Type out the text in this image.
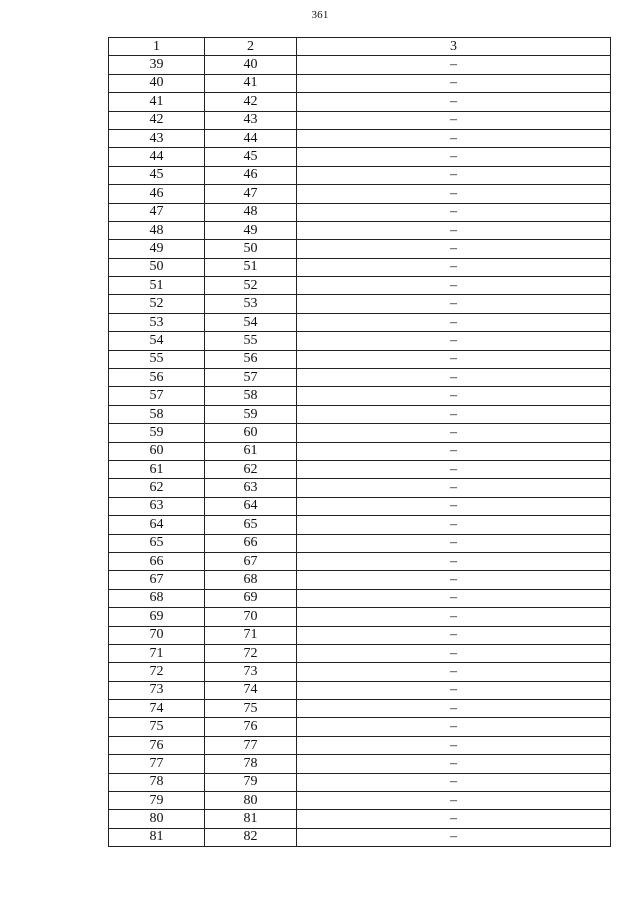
361
1	2	3
39	40	–
40	41	–
41	42	–
42	43	–
43	44	–
44	45	–
45	46	–
46	47	–
47	48	–
48	49	–
49	50	–
50	51	–
51	52	–
52	53	–
53	54	–
54	55	–
55	56	–
56	57	–
57	58	–
58	59	–
59	60	–
60	61	–
61	62	–
62	63	–
63	64	–
64	65	–
65	66	–
66	67	–
67	68	–
68	69	–
69	70	–
70	71	–
71	72	–
72	73	–
73	74	–
74	75	–
75	76	–
76	77	–
77	78	–
78	79	–
79	80	–
80	81	–
81	82	–
